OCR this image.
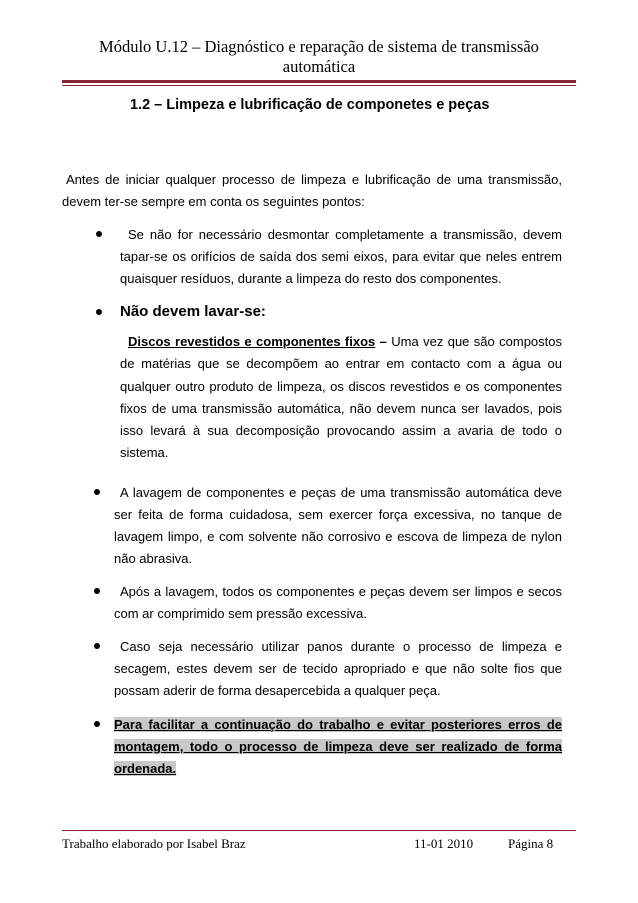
Módulo U.12 – Diagnóstico e reparação de sistema de transmissão
automática
1.2 – Limpeza e lubrificação de componetes e peças

Antes de iniciar qualquer processo de limpeza e lubrificação de uma transmissão, devem ter-se sempre em conta os seguintes pontos:

Se não for necessário desmontar completamente a transmissão, devem tapar-se os orifícios de saída dos semi eixos, para evitar que neles entrem quaisquer resíduos, durante a limpeza do resto dos componentes.

Não devem lavar-se:

Discos revestidos e componentes fixos – Uma vez que são compostos de matérias que se decompõem ao entrar em contacto com a água ou qualquer outro produto de limpeza, os discos revestidos e os componentes fixos de uma transmissão automática, não devem nunca ser lavados, pois isso levará à sua decomposição provocando assim a avaria de todo o sistema.

A lavagem de componentes e peças de uma transmissão automática deve ser feita de forma cuidadosa, sem exercer força excessiva, no tanque de lavagem limpo, e com solvente não corrosivo e escova de limpeza de nylon não abrasiva.

Após a lavagem, todos os componentes e peças devem ser limpos e secos com ar comprimido sem pressão excessiva.

Caso seja necessário utilizar panos durante o processo de limpeza e secagem, estes devem ser de tecido apropriado e que não solte fios que possam aderir de forma desapercebida a qualquer peça.

Para facilitar a continuação do trabalho e evitar posteriores erros de montagem, todo o processo de limpeza deve ser realizado de forma ordenada.

Trabalho elaborado por Isabel Braz	11-01 2010	Página 8
